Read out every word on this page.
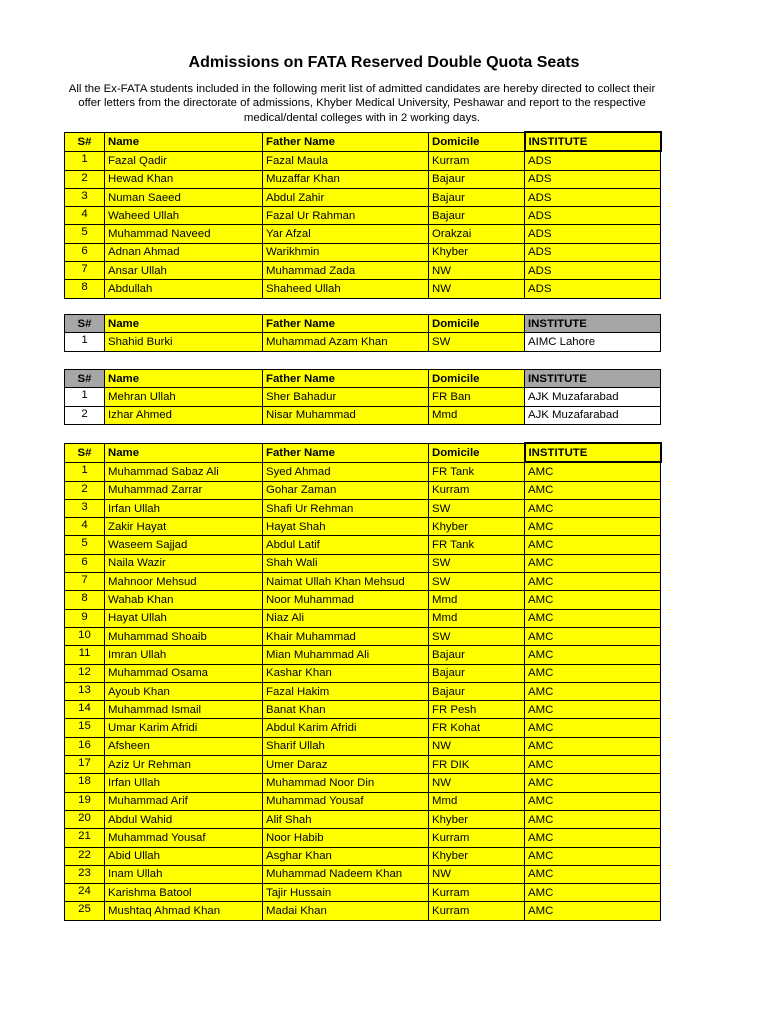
Admissions on FATA Reserved Double Quota Seats
All the Ex-FATA students included in the following merit list of admitted candidates are hereby directed to collect their offer letters from the directorate of admissions, Khyber Medical University, Peshawar and report to the respective medical/dental colleges with in 2 working days.
S#	Name	Father Name	Domicile	INSTITUTE
1	Fazal Qadir	Fazal Maula	Kurram	ADS
2	Hewad Khan	Muzaffar Khan	Bajaur	ADS
3	Numan Saeed	Abdul Zahir	Bajaur	ADS
4	Waheed Ullah	Fazal Ur Rahman	Bajaur	ADS
5	Muhammad Naveed	Yar Afzal	Orakzai	ADS
6	Adnan Ahmad	Warikhmin	Khyber	ADS
7	Ansar Ullah	Muhammad Zada	NW	ADS
8	Abdullah	Shaheed Ullah	NW	ADS
S#	Name	Father Name	Domicile	INSTITUTE
1	Shahid Burki	Muhammad Azam Khan	SW	AIMC Lahore
S#	Name	Father Name	Domicile	INSTITUTE
1	Mehran Ullah	Sher Bahadur	FR Ban	AJK Muzafarabad
2	Izhar Ahmed	Nisar Muhammad	Mmd	AJK Muzafarabad
S#	Name	Father Name	Domicile	INSTITUTE
1	Muhammad Sabaz Ali	Syed Ahmad	FR Tank	AMC
2	Muhammad Zarrar	Gohar Zaman	Kurram	AMC
3	Irfan Ullah	Shafi Ur Rehman	SW	AMC
4	Zakir Hayat	Hayat Shah	Khyber	AMC
5	Waseem Sajjad	Abdul Latif	FR Tank	AMC
6	Naila Wazir	Shah Wali	SW	AMC
7	Mahnoor Mehsud	Naimat Ullah Khan Mehsud	SW	AMC
8	Wahab Khan	Noor Muhammad	Mmd	AMC
9	Hayat Ullah	Niaz Ali	Mmd	AMC
10	Muhammad Shoaib	Khair Muhammad	SW	AMC
11	Imran Ullah	Mian Muhammad Ali	Bajaur	AMC
12	Muhammad Osama	Kashar Khan	Bajaur	AMC
13	Ayoub Khan	Fazal Hakim	Bajaur	AMC
14	Muhammad Ismail	Banat Khan	FR Pesh	AMC
15	Umar Karim Afridi	Abdul Karim Afridi	FR Kohat	AMC
16	Afsheen	Sharif Ullah	NW	AMC
17	Aziz Ur Rehman	Umer Daraz	FR DIK	AMC
18	Irfan Ullah	Muhammad Noor Din	NW	AMC
19	Muhammad Arif	Muhammad Yousaf	Mmd	AMC
20	Abdul Wahid	Alif Shah	Khyber	AMC
21	Muhammad Yousaf	Noor Habib	Kurram	AMC
22	Abid Ullah	Asghar Khan	Khyber	AMC
23	Inam Ullah	Muhammad Nadeem Khan	NW	AMC
24	Karishma Batool	Tajir Hussain	Kurram	AMC
25	Mushtaq Ahmad Khan	Madai Khan	Kurram	AMC
